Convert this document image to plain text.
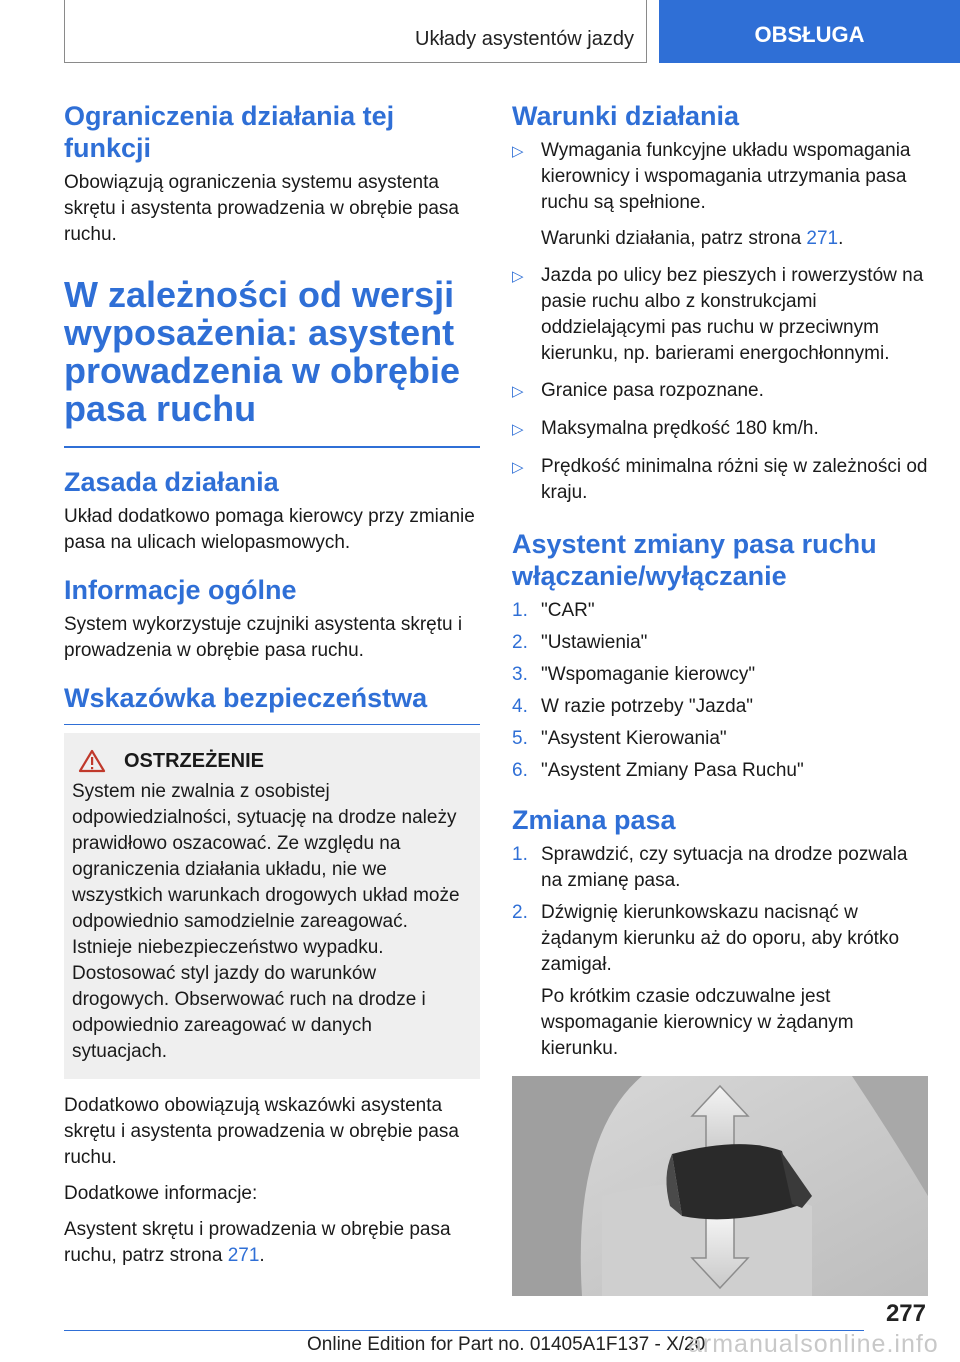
Układy asystentów jazdy	OBSŁUGA
Ograniczenia działania tej funkcji

Obowiązują ograniczenia systemu asystenta skrętu i asystenta prowadzenia w obrębie pasa ruchu.

W zależności od wersji wyposażenia: asystent prowadzenia w obrębie pasa ruchu
Zasada działania

Układ dodatkowo pomaga kierowcy przy zmianie pasa na ulicach wielopasmowych.

Informacje ogólne

System wykorzystuje czujniki asystenta skrętu i prowadzenia w obrębie pasa ruchu.

Wskazówka bezpieczeństwa
OSTRZEŻENIE

System nie zwalnia z osobistej odpowiedzialności, sytuację na drodze należy prawidłowo oszacować. Ze względu na ograniczenia działania układu, nie we wszystkich warunkach drogowych układ może odpowiednio samodzielnie zareagować. Istnieje niebezpieczeństwo wypadku. Dostosować styl jazdy do warunków drogowych. Obserwować ruch na drodze i odpowiednio zareagować w danych sytuacjach.

Dodatkowo obowiązują wskazówki asystenta skrętu i asystenta prowadzenia w obrębie pasa ruchu.

Dodatkowe informacje:

Asystent skrętu i prowadzenia w obrębie pasa ruchu, patrz strona 271.

Warunki działania
▷ Wymagania funkcyjne układu wspomagania kierownicy i wspomagania utrzymania pasa ruchu są spełnione.
Warunki działania, patrz strona 271.
▷ Jazda po ulicy bez pieszych i rowerzystów na pasie ruchu albo z konstrukcjami oddzielającymi pas ruchu w przeciwnym kierunku, np. barierami energochłonnymi.
▷ Granice pasa rozpoznane.
▷ Maksymalna prędkość 180 km/h.
▷ Prędkość minimalna różni się w zależności od kraju.
Asystent zmiany pasa ruchu włączanie/wyłączanie
1. "CAR"
2. "Ustawienia"
3. "Wspomaganie kierowcy"
4. W razie potrzeby "Jazda"
5. "Asystent Kierowania"
6. "Asystent Zmiany Pasa Ruchu"
Zmiana pasa
1. Sprawdzić, czy sytuacja na drodze pozwala na zmianę pasa.
2. Dźwignię kierunkowskazu nacisnąć w żądanym kierunku aż do oporu, aby krótko zamigał.
Po krótkim czasie odczuwalne jest wspomaganie kierownicy w żądanym kierunku.
277
Online Edition for Part no. 01405A1F137 - X/20
armanualsonline.info
